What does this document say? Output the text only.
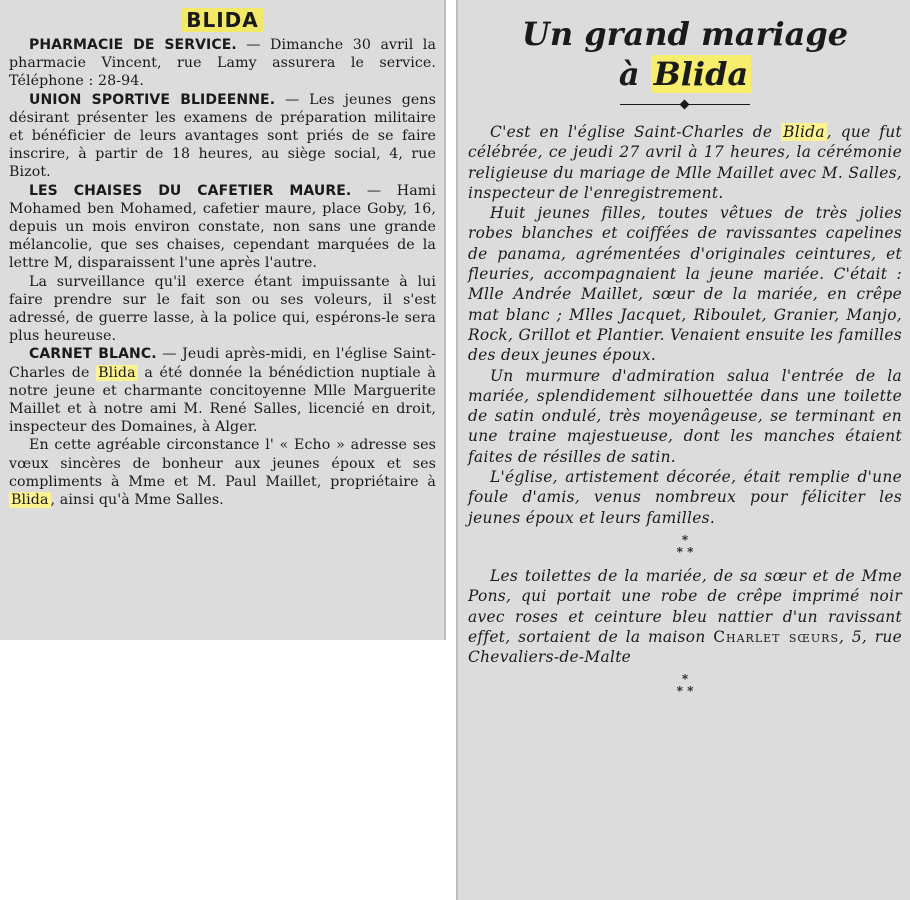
BLIDA

PHARMACIE DE SERVICE. — Dimanche 30 avril la pharmacie Vincent, rue Lamy assurera le service. Téléphone : 28-94.

UNION SPORTIVE BLIDEENNE. — Les jeunes gens désirant présenter les examens de préparation militaire et bénéficier de leurs avantages sont priés de se faire inscrire, à partir de 18 heures, au siège social, 4, rue Bizot.

LES CHAISES DU CAFETIER MAURE. — Hami Mohamed ben Mohamed, cafetier maure, place Goby, 16, depuis un mois environ constate, non sans une grande mélancolie, que ses chaises, cependant marquées de la lettre M, disparaissent l'une après l'autre.

La surveillance qu'il exerce étant impuissante à lui faire prendre sur le fait son ou ses voleurs, il s'est adressé, de guerre lasse, à la police qui, espérons-le sera plus heureuse.

CARNET BLANC. — Jeudi après-midi, en l'église Saint-Charles de Blida a été donnée la bénédiction nuptiale à notre jeune et charmante concitoyenne Mlle Marguerite Maillet et à notre ami M. René Salles, licencié en droit, inspecteur des Domaines, à Alger.

En cette agréable circonstance l' « Echo » adresse ses vœux sincères de bonheur aux jeunes époux et ses compliments à Mme et M. Paul Maillet, propriétaire à Blida , ainsi qu'à Mme Salles.

Un grand mariage
à Blida

C'est en l'église Saint-Charles de Blida , que fut célébrée, ce jeudi 27 avril à 17 heures, la cérémonie religieuse du mariage de Mlle Maillet avec M. Salles, inspecteur de l'enregistrement.

Huit jeunes filles, toutes vêtues de très jolies robes blanches et coiffées de ravissantes capelines de panama, agrémentées d'originales ceintures, et fleuries, accompagnaient la jeune mariée. C'était : Mlle Andrée Maillet, sœur de la mariée, en crêpe mat blanc ; Mlles Jacquet, Riboulet, Granier, Manjo, Rock, Grillot et Plantier. Venaient ensuite les familles des deux jeunes époux.

Un murmure d'admiration salua l'entrée de la mariée, splendidement silhouettée dans une toilette de satin ondulé, très moyenâgeuse, se terminant en une traine majestueuse, dont les manches étaient faites de résilles de satin.

L'église, artistement décorée, était remplie d'une foule d'amis, venus nombreux pour féliciter les jeunes époux et leurs familles.

*
* *

Les toilettes de la mariée, de sa sœur et de Mme Pons, qui portait une robe de crêpe imprimé noir avec roses et ceinture bleu nattier d'un ravissant effet, sortaient de la maison Charlet sœurs, 5, rue Chevaliers-de-Malte

*
* *
